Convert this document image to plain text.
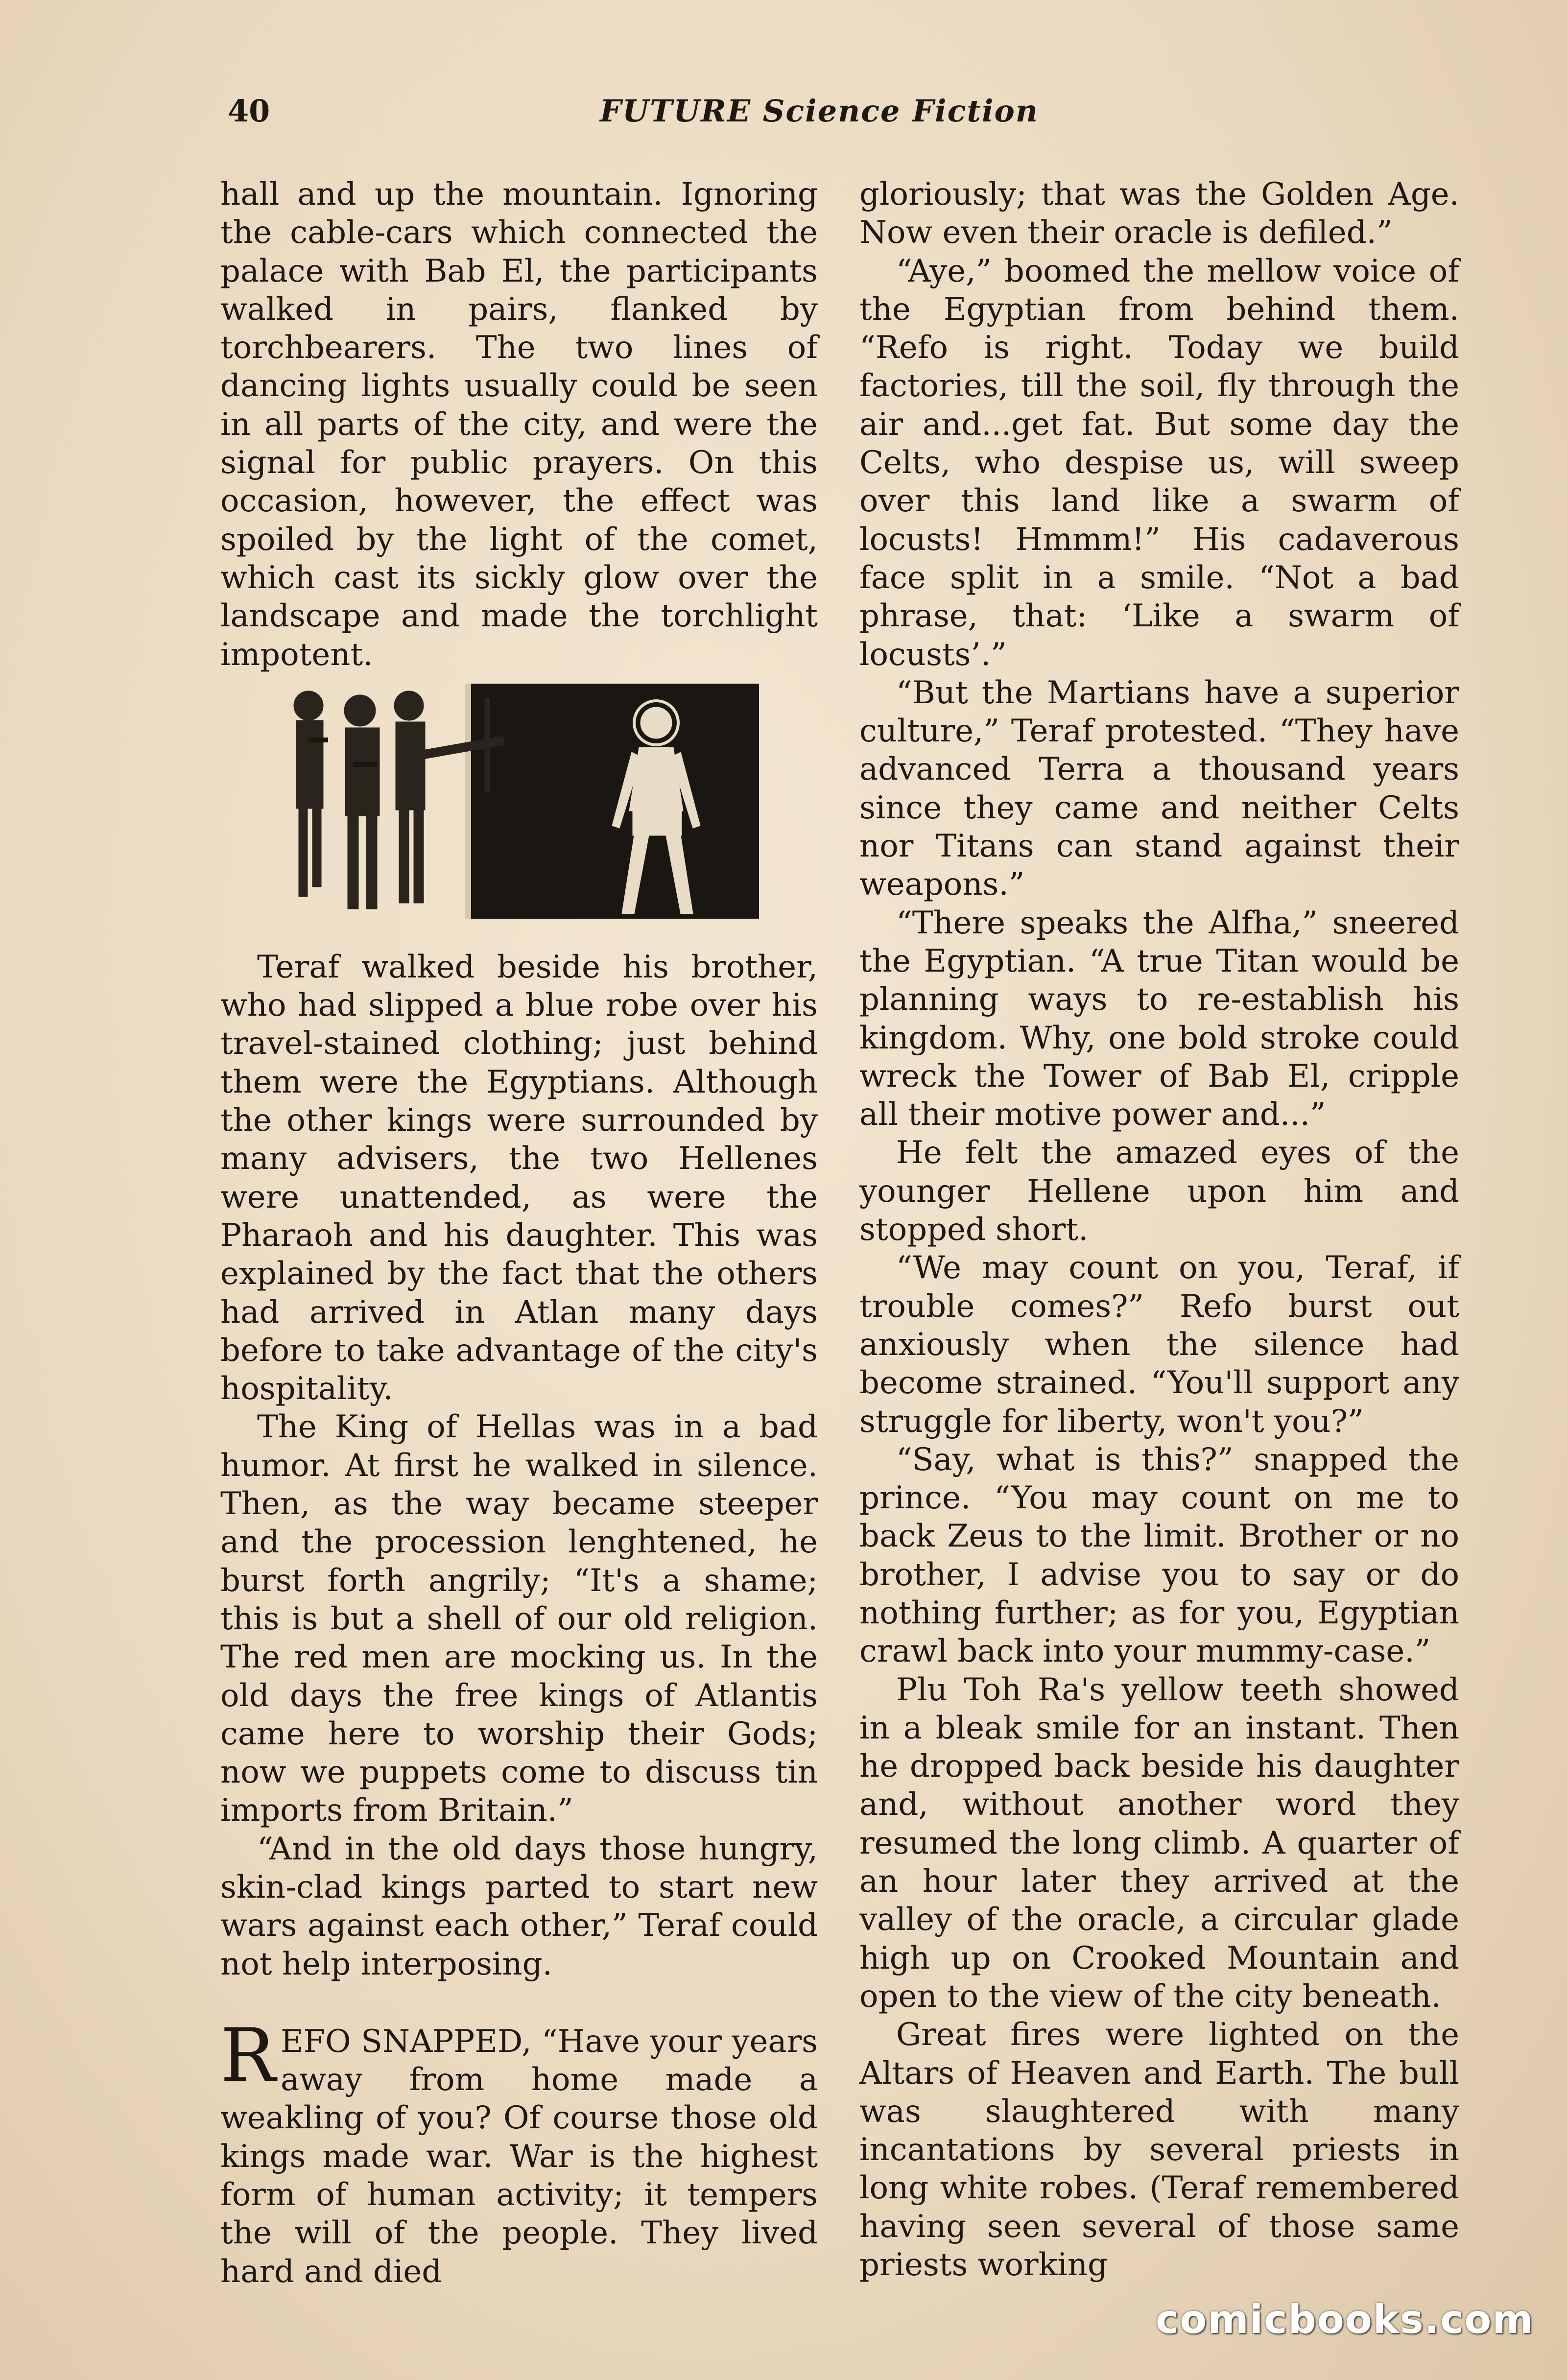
40	FUTURE Science Fiction

hall and up the mountain. Ignoring the cable-cars which connected the palace with Bab El, the participants walked in pairs, flanked by torchbearers. The two lines of dancing lights usually could be seen in all parts of the city, and were the signal for public prayers. On this occasion, however, the effect was spoiled by the light of the comet, which cast its sickly glow over the landscape and made the torchlight impotent.

Teraf walked beside his brother, who had slipped a blue robe over his travel-stained clothing; just behind them were the Egyptians. Although the other kings were surrounded by many advisers, the two Hellenes were unattended, as were the Pharaoh and his daughter. This was explained by the fact that the others had arrived in Atlan many days before to take advantage of the city's hospitality.

The King of Hellas was in a bad humor. At first he walked in silence. Then, as the way became steeper and the procession lenghtened, he burst forth angrily; “It's a shame; this is but a shell of our old religion. The red men are mocking us. In the old days the free kings of Atlantis came here to worship their Gods; now we puppets come to discuss tin imports from Britain.”

“And in the old days those hungry, skin-clad kings parted to start new wars against each other,” Teraf could not help interposing.

REFO SNAPPED, “Have your years away from home made a weakling of you? Of course those old kings made war. War is the highest form of human activity; it tempers the will of the people. They lived hard and died

gloriously; that was the Golden Age. Now even their oracle is defiled.”

“Aye,” boomed the mellow voice of the Egyptian from behind them. “Refo is right. Today we build factories, till the soil, fly through the air and...get fat. But some day the Celts, who despise us, will sweep over this land like a swarm of locusts! Hmmm!” His cadaverous face split in a smile. “Not a bad phrase, that: ‘Like a swarm of locusts’.”

“But the Martians have a superior culture,” Teraf protested. “They have advanced Terra a thousand years since they came and neither Celts nor Titans can stand against their weapons.”

“There speaks the Alfha,” sneered the Egyptian. “A true Titan would be planning ways to re-establish his kingdom. Why, one bold stroke could wreck the Tower of Bab El, cripple all their motive power and...”

He felt the amazed eyes of the younger Hellene upon him and stopped short.

“We may count on you, Teraf, if trouble comes?” Refo burst out anxiously when the silence had become strained. “You'll support any struggle for liberty, won't you?”

“Say, what is this?” snapped the prince. “You may count on me to back Zeus to the limit. Brother or no brother, I advise you to say or do nothing further; as for you, Egyptian crawl back into your mummy-case.”

Plu Toh Ra's yellow teeth showed in a bleak smile for an instant. Then he dropped back beside his daughter and, without another word they resumed the long climb. A quarter of an hour later they arrived at the valley of the oracle, a circular glade high up on Crooked Mountain and open to the view of the city beneath.

Great fires were lighted on the Altars of Heaven and Earth. The bull was slaughtered with many incantations by several priests in long white robes. (Teraf remembered having seen several of those same priests working

comicbooks.com
